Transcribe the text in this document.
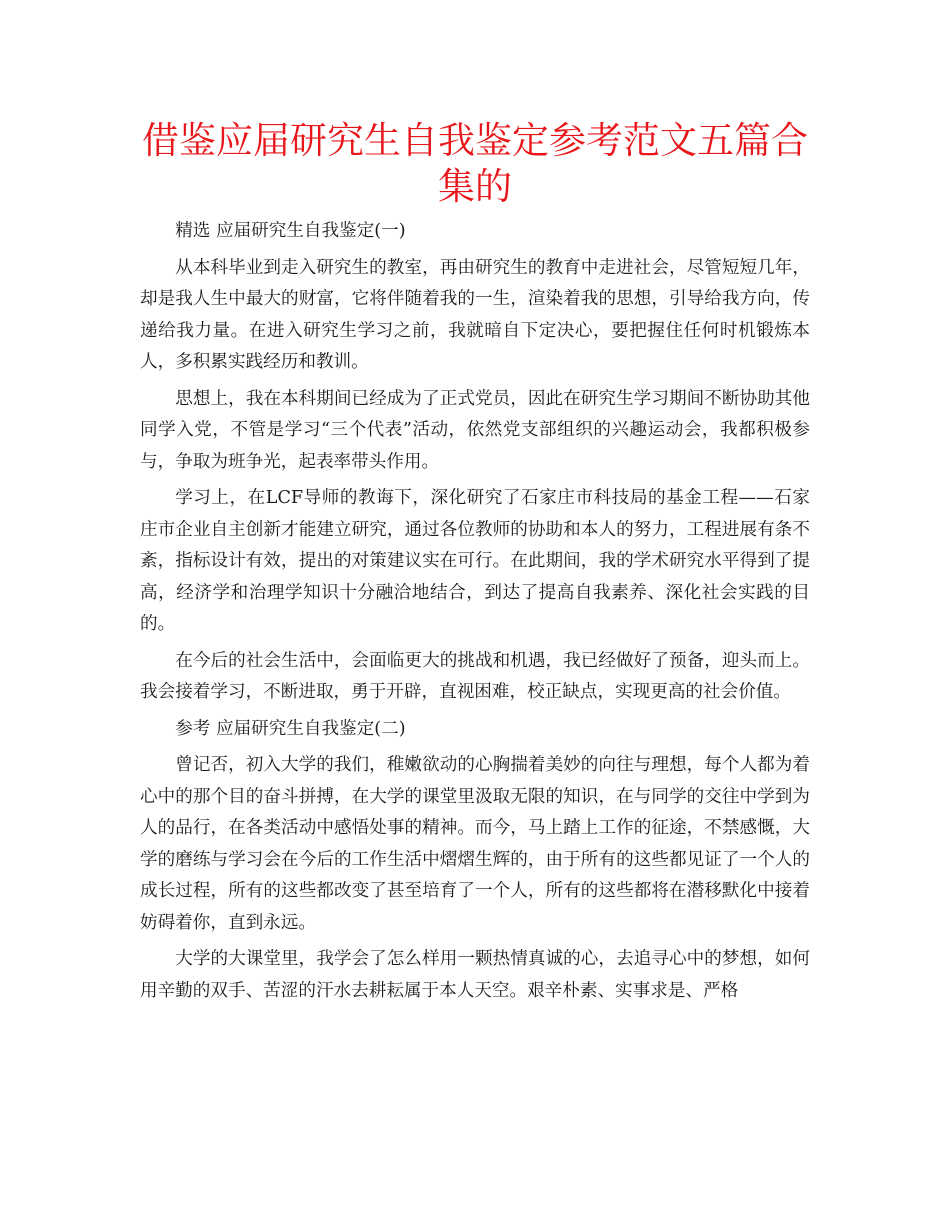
借鉴应届研究生自我鉴定参考范文五篇合集的

精选 应届研究生自我鉴定(一)

从本科毕业到走入研究生的教室，再由研究生的教育中走进社会，尽管短短几年，却是我人生中最大的财富，它将伴随着我的一生，渲染着我的思想，引导给我方向，传递给我力量。在进入研究生学习之前，我就暗自下定决心，要把握住任何时机锻炼本人，多积累实践经历和教训。

思想上，我在本科期间已经成为了正式党员，因此在研究生学习期间不断协助其他同学入党，不管是学习“三个代表”活动，依然党支部组织的兴趣运动会，我都积极参与，争取为班争光，起表率带头作用。

学习上，在LCF导师的教诲下，深化研究了石家庄市科技局的基金工程——石家庄市企业自主创新才能建立研究，通过各位教师的协助和本人的努力，工程进展有条不紊，指标设计有效，提出的对策建议实在可行。在此期间，我的学术研究水平得到了提高，经济学和治理学知识十分融洽地结合，到达了提高自我素养、深化社会实践的目的。

在今后的社会生活中，会面临更大的挑战和机遇，我已经做好了预备，迎头而上。我会接着学习，不断进取，勇于开辟，直视困难，校正缺点，实现更高的社会价值。

参考 应届研究生自我鉴定(二)

曾记否，初入大学的我们，稚嫩欲动的心胸揣着美妙的向往与理想，每个人都为着心中的那个目的奋斗拼搏，在大学的课堂里汲取无限的知识，在与同学的交往中学到为人的品行，在各类活动中感悟处事的精神。而今，马上踏上工作的征途，不禁感慨，大学的磨练与学习会在今后的工作生活中熠熠生辉的，由于所有的这些都见证了一个人的成长过程，所有的这些都改变了甚至培育了一个人，所有的这些都将在潜移默化中接着妨碍着你，直到永远。

大学的大课堂里，我学会了怎么样用一颗热情真诚的心，去追寻心中的梦想，如何用辛勤的双手、苦涩的汗水去耕耘属于本人天空。艰辛朴素、实事求是、严格
